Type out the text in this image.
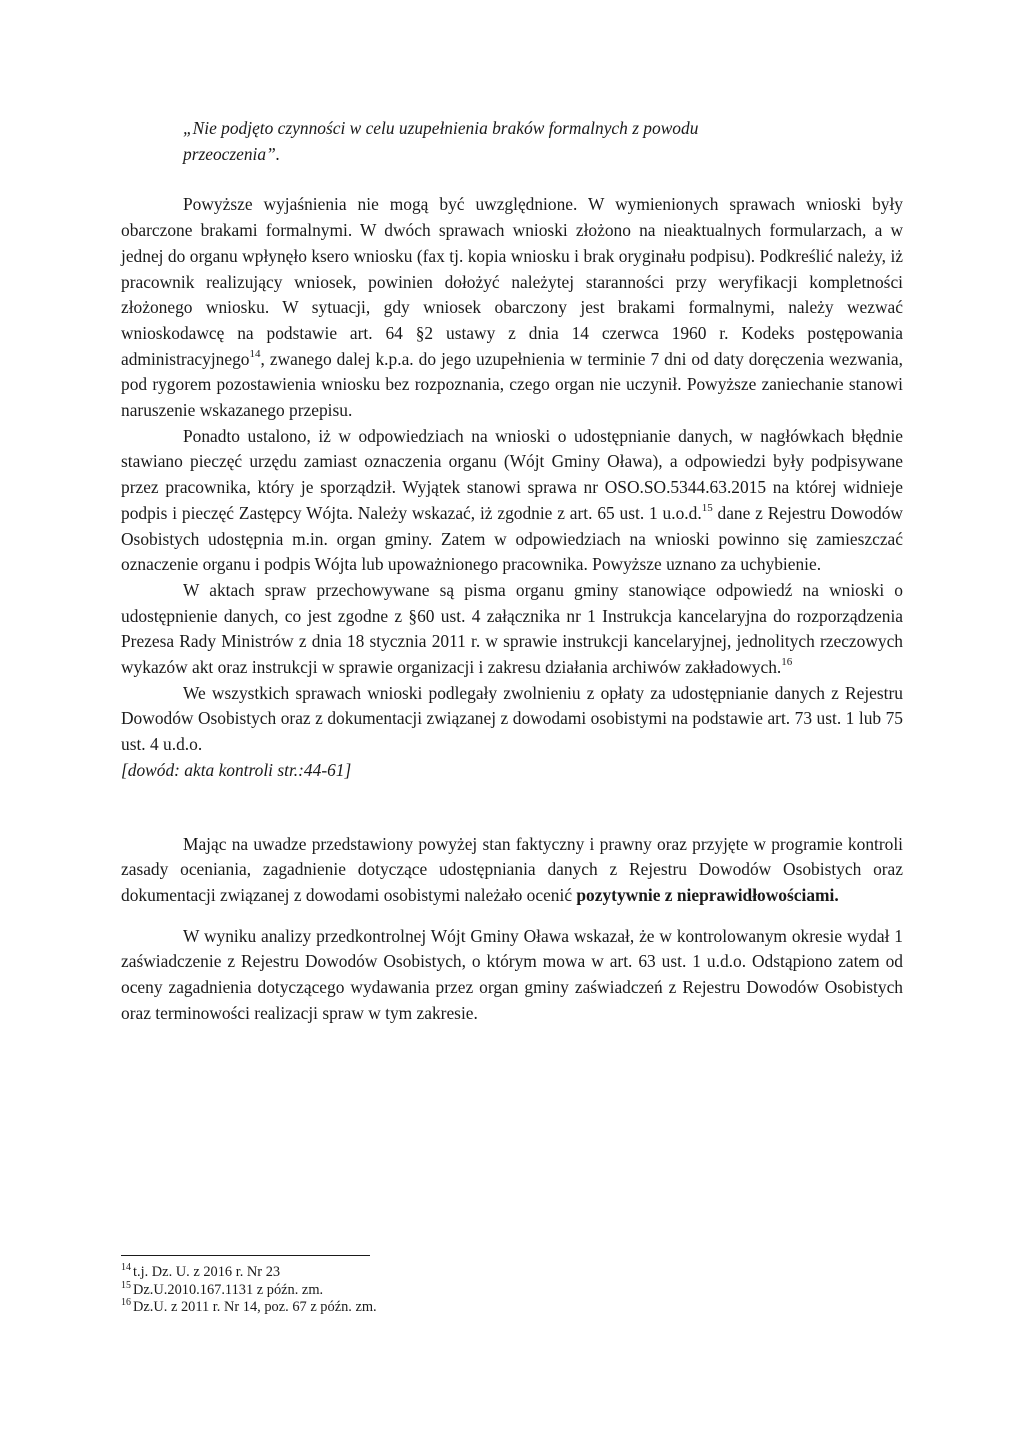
„Nie podjęto czynności w celu uzupełnienia braków formalnych z powodu
przeoczenia”.

Powyższe wyjaśnienia nie mogą być uwzględnione. W wymienionych sprawach wnioski były obarczone brakami formalnymi. W dwóch sprawach wnioski złożono na nieaktualnych formularzach, a w jednej do organu wpłynęło ksero wniosku (fax tj. kopia wniosku i brak oryginału podpisu). Podkreślić należy, iż pracownik realizujący wniosek, powinien dołożyć należytej staranności przy weryfikacji kompletności złożonego wniosku. W sytuacji, gdy wniosek obarczony jest brakami formalnymi, należy wezwać wnioskodawcę na podstawie art. 64 §2 ustawy z dnia 14 czerwca 1960 r. Kodeks postępowania administracyjnego$^{14}$, zwanego dalej k.p.a. do jego uzupełnienia w terminie 7 dni od daty doręczenia wezwania, pod rygorem pozostawienia wniosku bez rozpoznania, czego organ nie uczynił. Powyższe zaniechanie stanowi naruszenie wskazanego przepisu.

Ponadto ustalono, iż w odpowiedziach na wnioski o udostępnianie danych, w nagłówkach błędnie stawiano pieczęć urzędu zamiast oznaczenia organu (Wójt Gminy Oława), a odpowiedzi były podpisywane przez pracownika, który je sporządził. Wyjątek stanowi sprawa nr OSO.SO.5344.63.2015 na której widnieje podpis i pieczęć Zastępcy Wójta. Należy wskazać, iż zgodnie z art. 65 ust. 1 u.o.d.$^{15}$ dane z Rejestru Dowodów Osobistych udostępnia m.in. organ gminy. Zatem w odpowiedziach na wnioski powinno się zamieszczać oznaczenie organu i podpis Wójta lub upoważnionego pracownika. Powyższe uznano za uchybienie.

W aktach spraw przechowywane są pisma organu gminy stanowiące odpowiedź na wnioski o udostępnienie danych, co jest zgodne z §60 ust. 4 załącznika nr 1 Instrukcja kancelaryjna do rozporządzenia Prezesa Rady Ministrów z dnia 18 stycznia 2011 r. w sprawie instrukcji kancelaryjnej, jednolitych rzeczowych wykazów akt oraz instrukcji w sprawie organizacji i zakresu działania archiwów zakładowych.$^{16}$

We wszystkich sprawach wnioski podlegały zwolnieniu z opłaty za udostępnianie danych z Rejestru Dowodów Osobistych oraz z dokumentacji związanej z dowodami osobistymi na podstawie art. 73 ust. 1 lub 75 ust. 4 u.d.o.

[dowód: akta kontroli str.:44-61]

Mając na uwadze przedstawiony powyżej stan faktyczny i prawny oraz przyjęte w programie kontroli zasady oceniania, zagadnienie dotyczące udostępniania danych z Rejestru Dowodów Osobistych oraz dokumentacji związanej z dowodami osobistymi należało ocenić pozytywnie z nieprawidłowościami.

W wyniku analizy przedkontrolnej Wójt Gminy Oława wskazał, że w kontrolowanym okresie wydał 1 zaświadczenie z Rejestru Dowodów Osobistych, o którym mowa w art. 63 ust. 1 u.d.o. Odstąpiono zatem od oceny zagadnienia dotyczącego wydawania przez organ gminy zaświadczeń z Rejestru Dowodów Osobistych oraz terminowości realizacji spraw w tym zakresie.

$^{14}$ t.j. Dz. U. z 2016 r. Nr 23
$^{15}$ Dz.U.2010.167.1131 z późn. zm.
$^{16}$ Dz.U. z 2011 r. Nr 14, poz. 67 z późn. zm.
